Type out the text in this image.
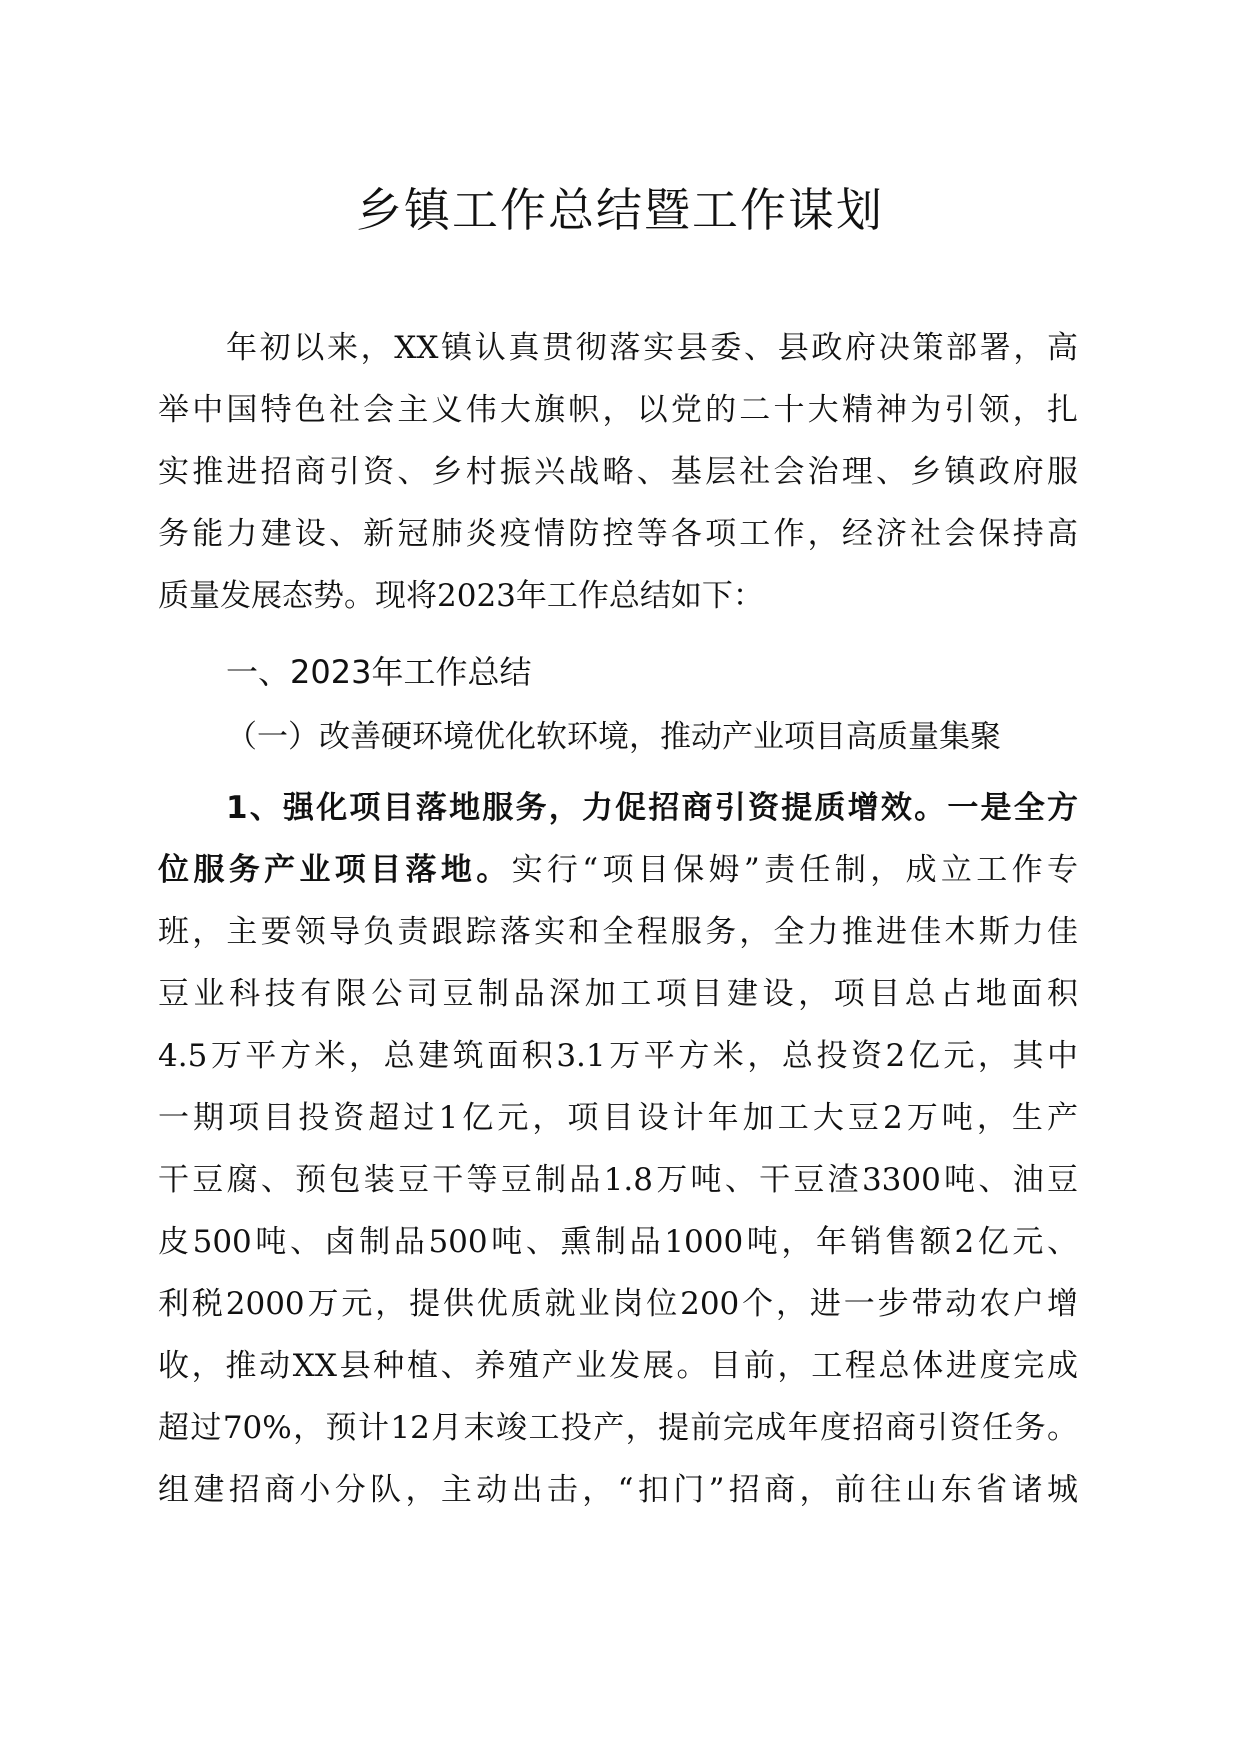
乡镇工作总结暨工作谋划
年初以来，XX镇认真贯彻落实县委、县政府决策部署，高
举中国特色社会主义伟大旗帜，以党的二十大精神为引领，扎
实推进招商引资、乡村振兴战略、基层社会治理、乡镇政府服
务能力建设、新冠肺炎疫情防控等各项工作，经济社会保持高
质量发展态势。现将2023年工作总结如下：
一、2023年工作总结
（一）改善硬环境优化软环境，推动产业项目高质量集聚
1、强化项目落地服务，力促招商引资提质增效。一是全方
位服务产业项目落地。实行“项目保姆”责任制，成立工作专
班，主要领导负责跟踪落实和全程服务，全力推进佳木斯力佳
豆业科技有限公司豆制品深加工项目建设，项目总占地面积
4.5万平方米，总建筑面积3.1万平方米，总投资2亿元，其中
一期项目投资超过1亿元，项目设计年加工大豆2万吨，生产
干豆腐、预包装豆干等豆制品1.8万吨、干豆渣3300吨、油豆
皮500吨、卤制品500吨、熏制品1000吨，年销售额2亿元、
利税2000万元，提供优质就业岗位200个，进一步带动农户增
收，推动XX县种植、养殖产业发展。目前，工程总体进度完成
超过70%，预计12月末竣工投产，提前完成年度招商引资任务。
组建招商小分队，主动出击，“扣门”招商，前往山东省诸城
